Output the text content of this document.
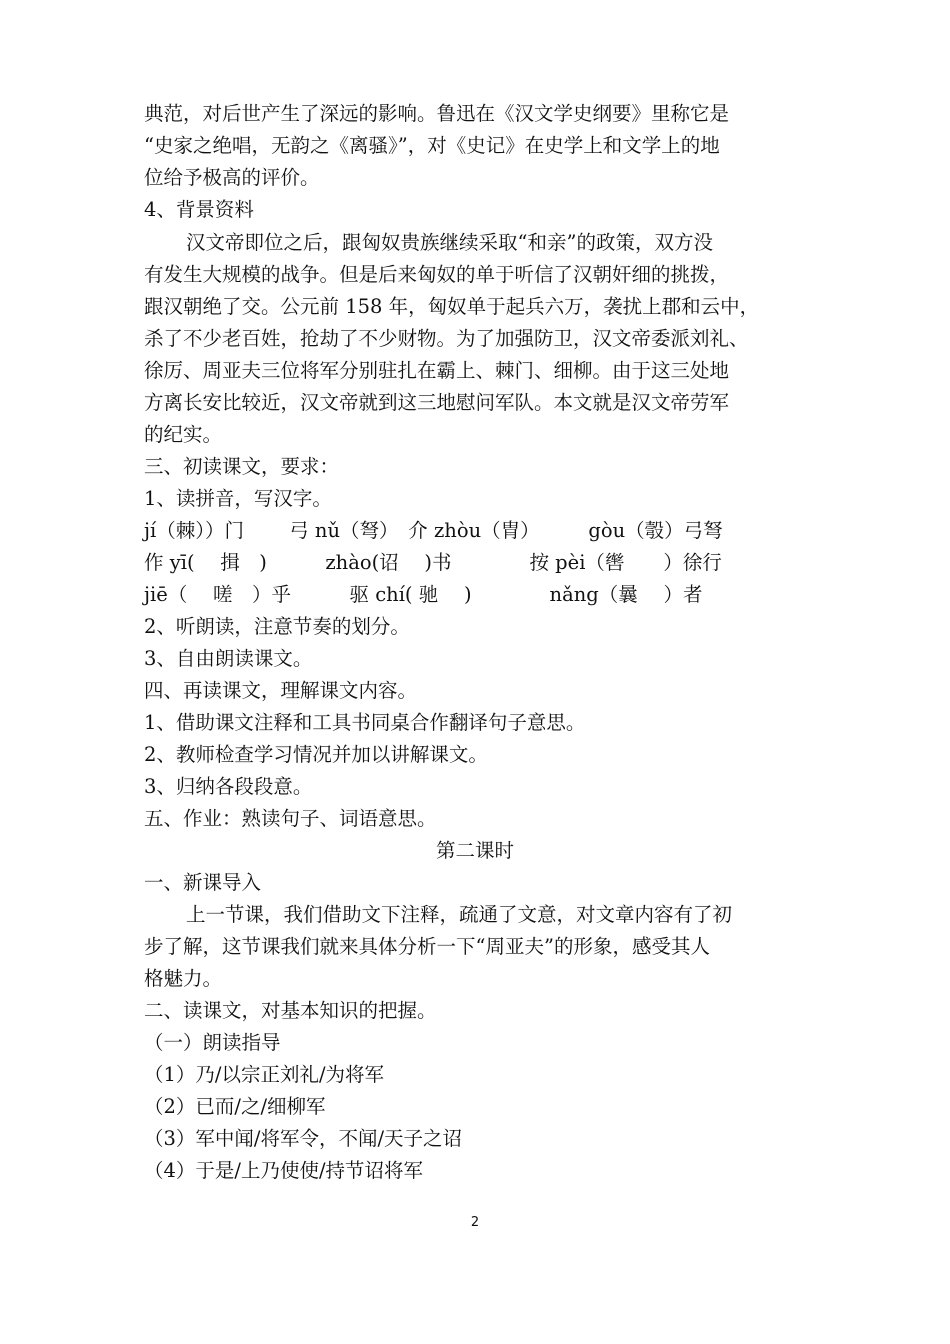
典范，对后世产生了深远的影响。鲁迅在《汉文学史纲要》里称它是
“史家之绝唱，无韵之《离骚》”，对《史记》在史学上和文学上的地
位给予极高的评价。
4、背景资料
汉文帝即位之后，跟匈奴贵族继续采取“和亲”的政策，双方没
有发生大规模的战争。但是后来匈奴的单于听信了汉朝奸细的挑拨，
跟汉朝绝了交。公元前 158 年，匈奴单于起兵六万，袭扰上郡和云中，
杀了不少老百姓，抢劫了不少财物。为了加强防卫，汉文帝委派刘礼、
徐厉、周亚夫三位将军分别驻扎在霸上、棘门、细柳。由于这三处地
方离长安比较近，汉文帝就到这三地慰问军队。本文就是汉文帝劳军
的纪实。
三、初读课文，要求：
1、读拼音，写汉字。
jí（棘））门　　 弓 nǔ（弩）　介 zhòu（胄）　　　gòu（彀）弓弩
作 yī(　 揖　)　　　zhào(诏　 )书　　　　按 pèi（辔　　）徐行
jiē（　 嗟　）乎　　　驱 chí( 驰　 )　　　　nǎng（曩　 ）者
2、听朗读，注意节奏的划分。
3、自由朗读课文。
四、再读课文，理解课文内容。
1、借助课文注释和工具书同桌合作翻译句子意思。
2、教师检查学习情况并加以讲解课文。
3、归纳各段段意。
五、作业：熟读句子、词语意思。
第二课时
一、新课导入
上一节课，我们借助文下注释，疏通了文意，对文章内容有了初
步了解，这节课我们就来具体分析一下“周亚夫”的形象，感受其人
格魅力。
二、读课文，对基本知识的把握。
（一）朗读指导
（1）乃/以宗正刘礼/为将军
（2）已而/之/细柳军
（3）军中闻/将军令，不闻/天子之诏
（4）于是/上乃使使/持节诏将军
2
